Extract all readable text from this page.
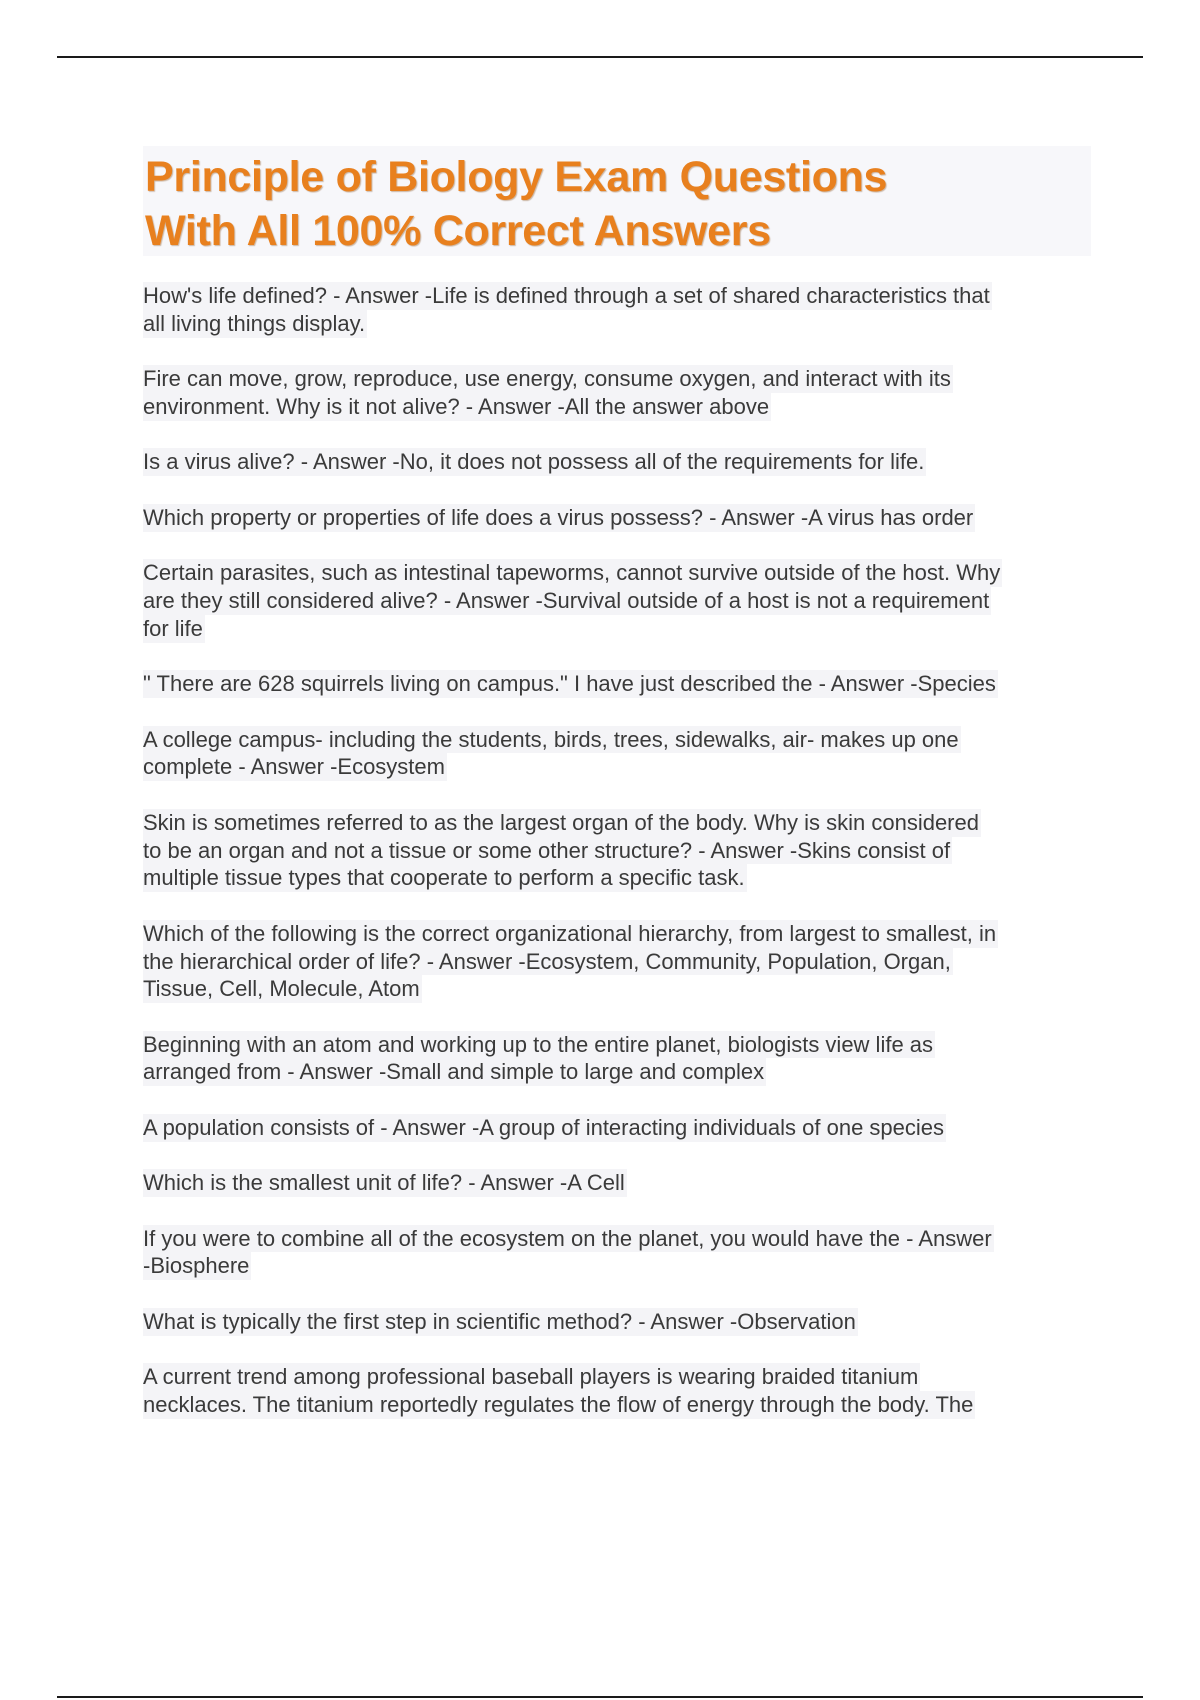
Principle of Biology Exam Questions
With All 100% Correct Answers
How's life defined? - Answer -Life is defined through a set of shared characteristics that
all living things display.
Fire can move, grow, reproduce, use energy, consume oxygen, and interact with its
environment. Why is it not alive? - Answer -All the answer above
Is a virus alive? - Answer -No, it does not possess all of the requirements for life.
Which property or properties of life does a virus possess? - Answer -A virus has order
Certain parasites, such as intestinal tapeworms, cannot survive outside of the host. Why
are they still considered alive? - Answer -Survival outside of a host is not a requirement
for life
" There are 628 squirrels living on campus." I have just described the - Answer -Species
A college campus- including the students, birds, trees, sidewalks, air- makes up one
complete - Answer -Ecosystem
Skin is sometimes referred to as the largest organ of the body. Why is skin considered
to be an organ and not a tissue or some other structure? - Answer -Skins consist of
multiple tissue types that cooperate to perform a specific task.
Which of the following is the correct organizational hierarchy, from largest to smallest, in
the hierarchical order of life? - Answer -Ecosystem, Community, Population, Organ,
Tissue, Cell, Molecule, Atom
Beginning with an atom and working up to the entire planet, biologists view life as
arranged from - Answer -Small and simple to large and complex
A population consists of - Answer -A group of interacting individuals of one species
Which is the smallest unit of life? - Answer -A Cell
If you were to combine all of the ecosystem on the planet, you would have the - Answer
-Biosphere
What is typically the first step in scientific method? - Answer -Observation
A current trend among professional baseball players is wearing braided titanium
necklaces. The titanium reportedly regulates the flow of energy through the body. The
